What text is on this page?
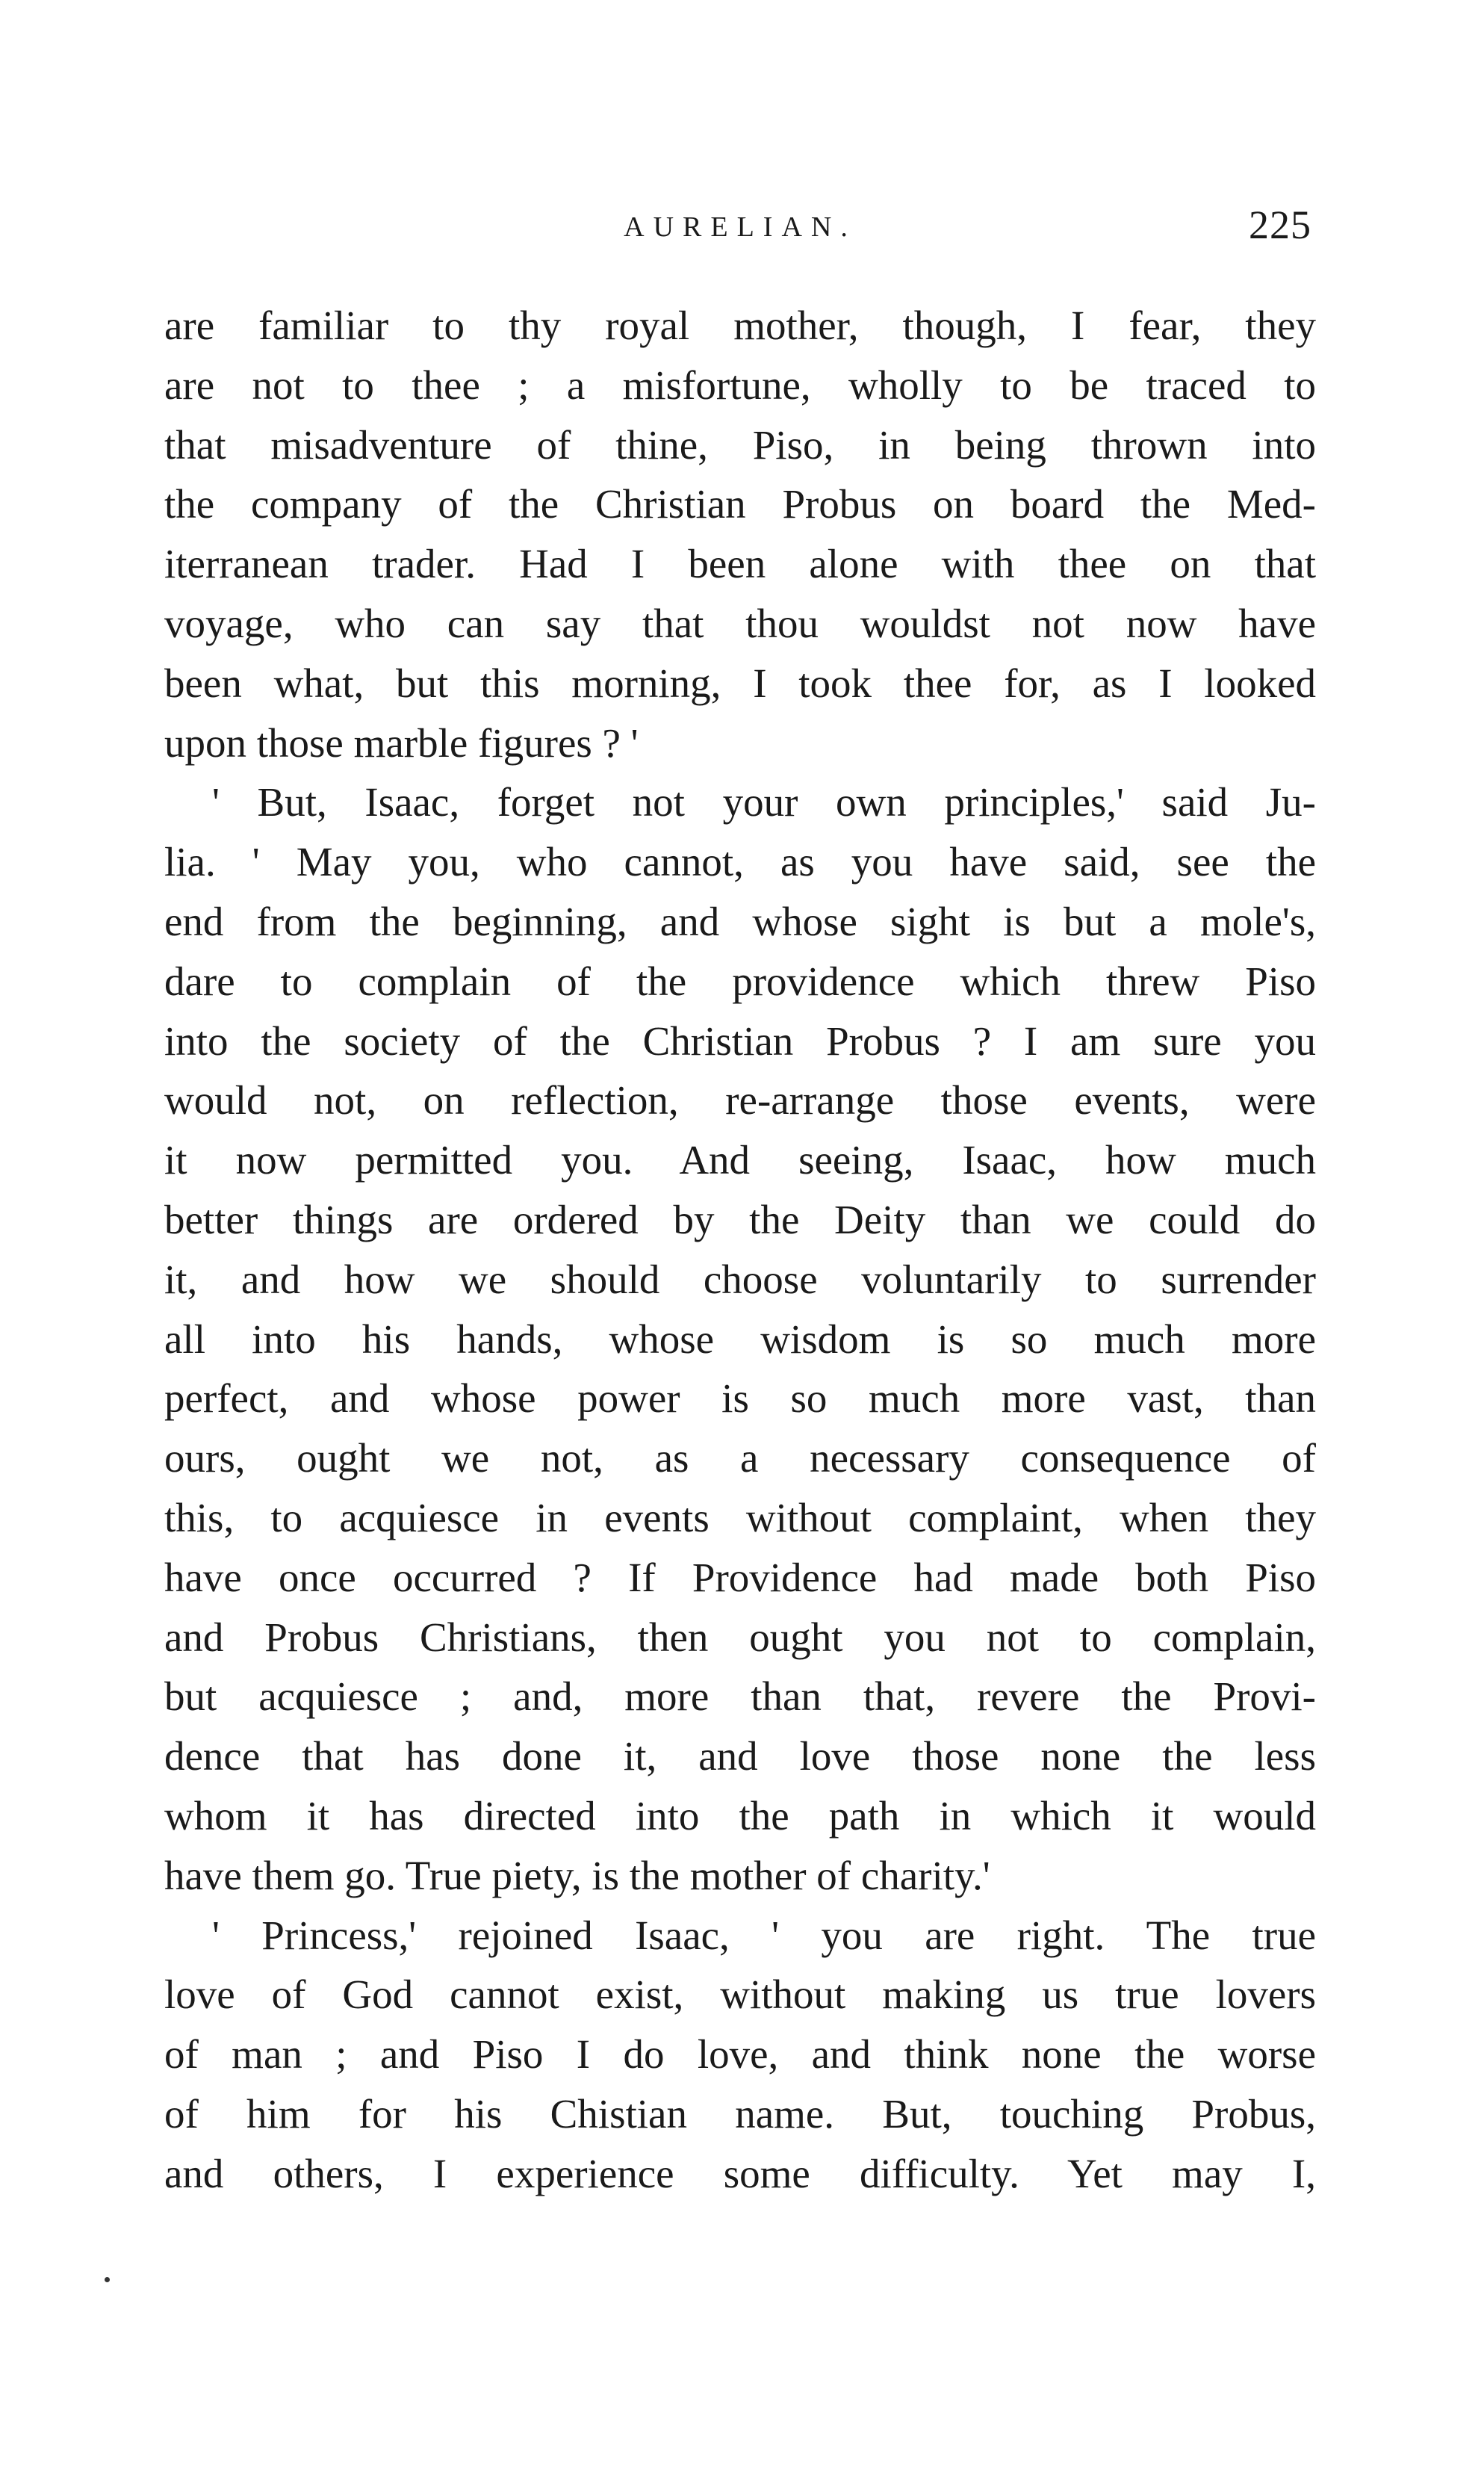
AURELIAN.	225
are familiar to thy royal mother, though, I fear, they
are not to thee ; a misfortune, wholly to be traced to
that misadventure of thine, Piso, in being thrown into
the company of the Christian Probus on board the Med-
iterranean trader. Had I been alone with thee on that
voyage, who can say that thou wouldst not now have
been what, but this morning, I took thee for, as I looked
upon those marble figures ? '
' But, Isaac, forget not your own principles,' said Ju-
lia. ' May you, who cannot, as you have said, see the
end from the beginning, and whose sight is but a mole's,
dare to complain of the providence which threw Piso
into the society of the Christian Probus ? I am sure you
would not, on reflection, re-arrange those events, were
it now permitted you. And seeing, Isaac, how much
better things are ordered by the Deity than we could do
it, and how we should choose voluntarily to surrender
all into his hands, whose wisdom is so much more
perfect, and whose power is so much more vast, than
ours, ought we not, as a necessary consequence of
this, to acquiesce in events without complaint, when they
have once occurred ? If Providence had made both Piso
and Probus Christians, then ought you not to complain,
but acquiesce ; and, more than that, revere the Provi-
dence that has done it, and love those none the less
whom it has directed into the path in which it would
have them go. True piety, is the mother of charity.'
' Princess,' rejoined Isaac, ' you are right. The true
love of God cannot exist, without making us true lovers
of man ; and Piso I do love, and think none the worse
of him for his Chistian name. But, touching Probus,
and others, I experience some difficulty. Yet may I,
